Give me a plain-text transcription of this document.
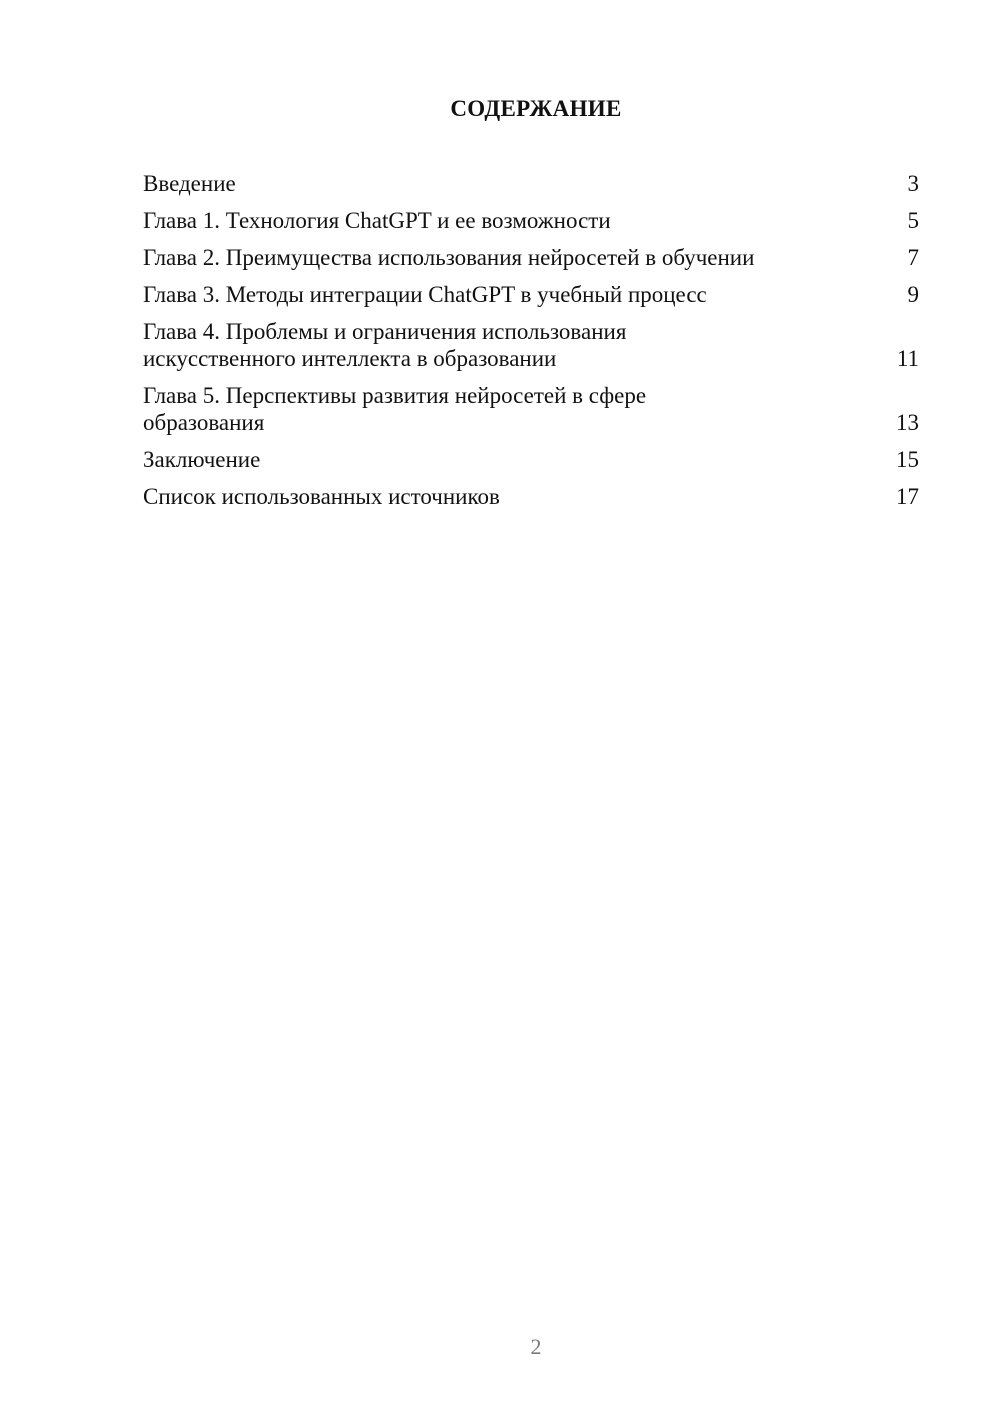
СОДЕРЖАНИЕ
Введение	3
Глава 1. Технология ChatGPT и ее возможности	5
Глава 2. Преимущества использования нейросетей в обучении	7
Глава 3. Методы интеграции ChatGPT в учебный процесс	9
Глава 4. Проблемы и ограничения использования
искусственного интеллекта в образовании	11
Глава 5. Перспективы развития нейросетей в сфере
образования	13
Заключение	15
Список использованных источников	17
2
